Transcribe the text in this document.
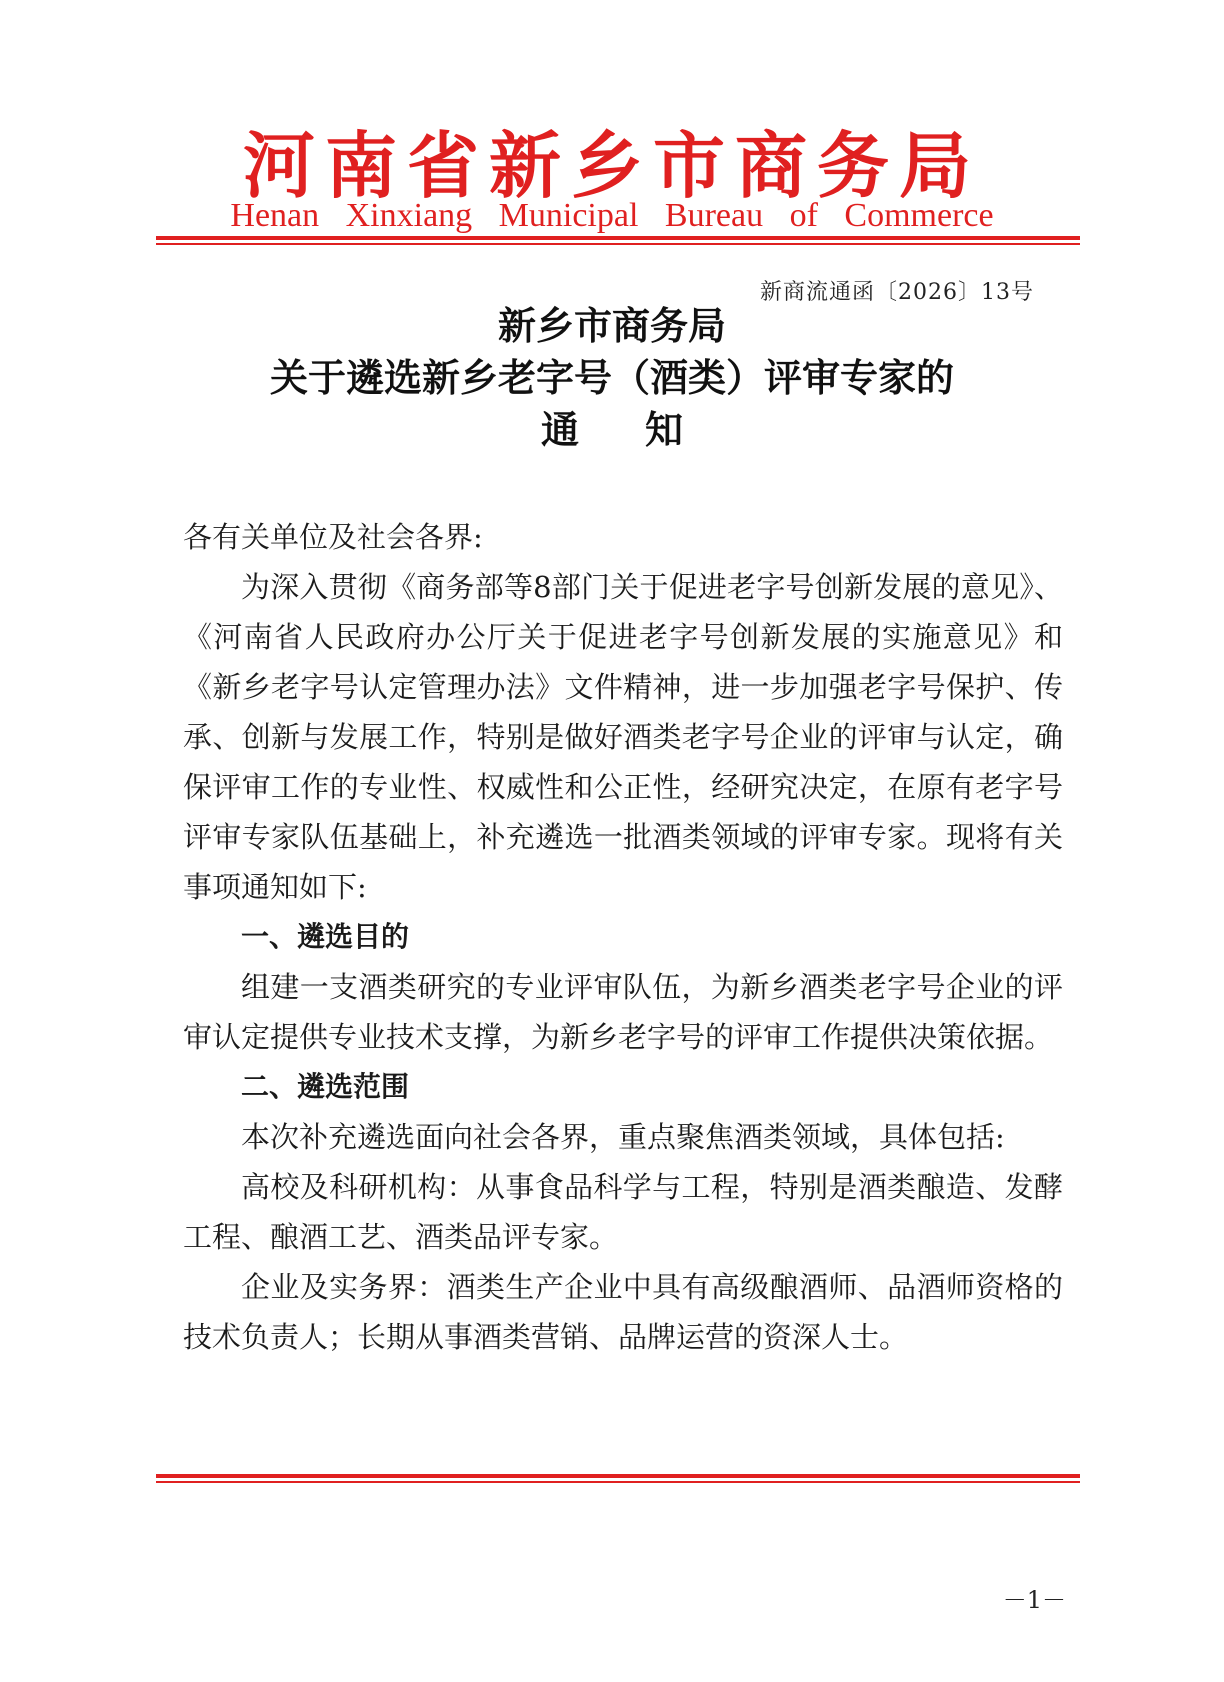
河南省新乡市商务局
Henan Xinxiang Municipal Bureau of Commerce
新商流通函〔2026〕13号
新乡市商务局
关于遴选新乡老字号（酒类）评审专家的
通知

各有关单位及社会各界:

为深入贯彻《商务部等8部门关于促进老字号创新发展的意见》、《河南省人民政府办公厅关于促进老字号创新发展的实施意见》和《新乡老字号认定管理办法》文件精神，进一步加强老字号保护、传承、创新与发展工作，特别是做好酒类老字号企业的评审与认定，确保评审工作的专业性、权威性和公正性，经研究决定，在原有老字号评审专家队伍基础上，补充遴选一批酒类领域的评审专家。现将有关事项通知如下:

一、遴选目的

组建一支酒类研究的专业评审队伍，为新乡酒类老字号企业的评审认定提供专业技术支撑，为新乡老字号的评审工作提供决策依据。

二、遴选范围

本次补充遴选面向社会各界，重点聚焦酒类领域，具体包括:

高校及科研机构：从事食品科学与工程，特别是酒类酿造、发酵工程、酿酒工艺、酒类品评专家。

企业及实务界：酒类生产企业中具有高级酿酒师、品酒师资格的技术负责人；长期从事酒类营销、品牌运营的资深人士。

－1－
